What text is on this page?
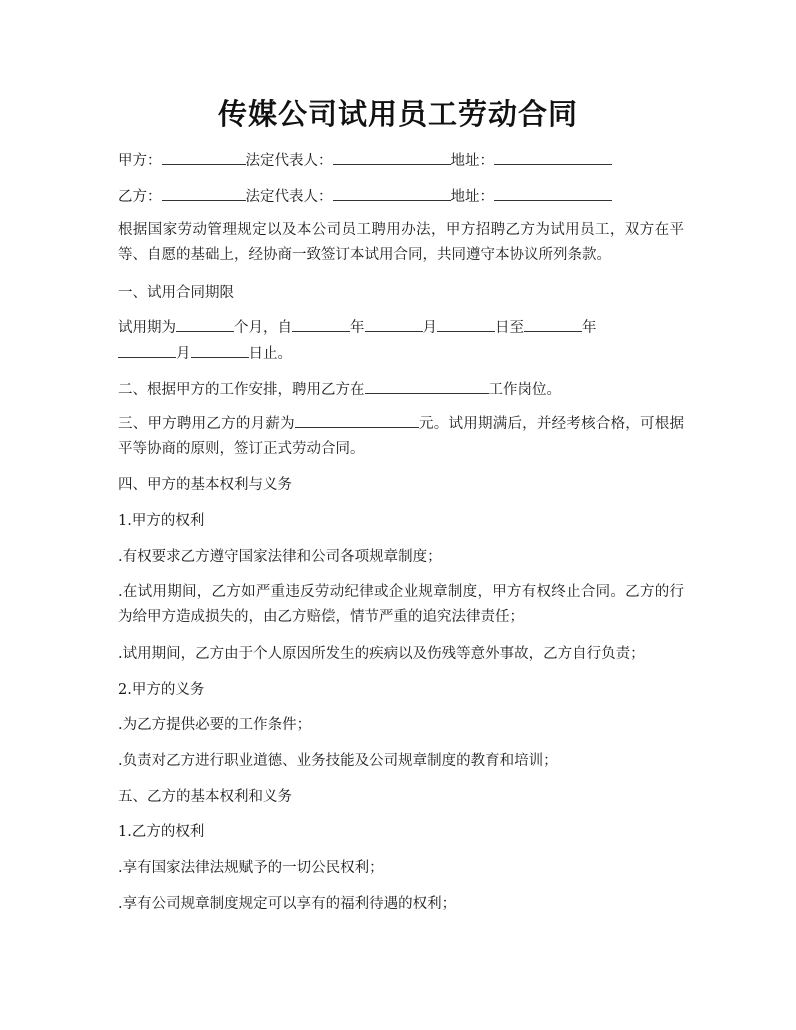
传媒公司试用员工劳动合同
甲方：	法定代表人：	地址：
乙方：	法定代表人：	地址：
根据国家劳动管理规定以及本公司员工聘用办法，甲方招聘乙方为试用员工，双方在平等、自愿的基础上，经协商一致签订本试用合同，共同遵守本协议所列条款。
一、试用合同期限
试用期为	个月，自	年	月	日至	年
月	日止。
二、根据甲方的工作安排，聘用乙方在	工作岗位。
三、甲方聘用乙方的月薪为	元。试用期满后，并经考核合格，可根据平等协商的原则，签订正式劳动合同。
四、甲方的基本权利与义务
1.甲方的权利
.有权要求乙方遵守国家法律和公司各项规章制度；
.在试用期间，乙方如严重违反劳动纪律或企业规章制度，甲方有权终止合同。乙方的行为给甲方造成损失的，由乙方赔偿，情节严重的追究法律责任；
.试用期间，乙方由于个人原因所发生的疾病以及伤残等意外事故，乙方自行负责；
2.甲方的义务
.为乙方提供必要的工作条件；
.负责对乙方进行职业道德、业务技能及公司规章制度的教育和培训；
五、乙方的基本权利和义务
1.乙方的权利
.享有国家法律法规赋予的一切公民权利；
.享有公司规章制度规定可以享有的福利待遇的权利；
